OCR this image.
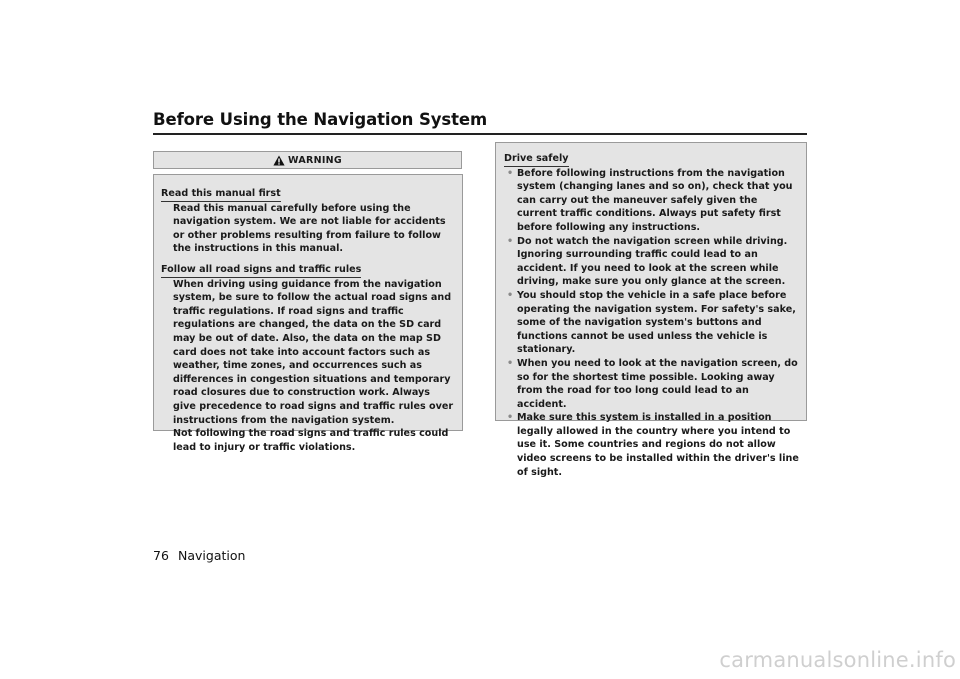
Before Using the Navigation System
WARNING

Read this manual first

Read this manual carefully before using the navigation system. We are not liable for accidents or other problems resulting from failure to follow the instructions in this manual.

Follow all road signs and traffic rules

When driving using guidance from the navigation system, be sure to follow the actual road signs and traffic regulations. If road signs and traffic regulations are changed, the data on the SD card may be out of date. Also, the data on the map SD card does not take into account factors such as weather, time zones, and occurrences such as differences in congestion situations and temporary road closures due to construction work. Always give precedence to road signs and traffic rules over instructions from the navigation system.

Not following the road signs and traffic rules could lead to injury or traffic violations.

Drive safely

• Before following instructions from the navigation system (changing lanes and so on), check that you can carry out the maneuver safely given the current traffic conditions. Always put safety first before following any instructions.
• Do not watch the navigation screen while driving. Ignoring surrounding traffic could lead to an accident. If you need to look at the screen while driving, make sure you only glance at the screen.
• You should stop the vehicle in a safe place before operating the navigation system. For safety's sake, some of the navigation system's buttons and functions cannot be used unless the vehicle is stationary.
• When you need to look at the navigation screen, do so for the shortest time possible. Looking away from the road for too long could lead to an accident.
• Make sure this system is installed in a position legally allowed in the country where you intend to use it. Some countries and regions do not allow video screens to be installed within the driver's line of sight.
76 Navigation
carmanualsonline.info
